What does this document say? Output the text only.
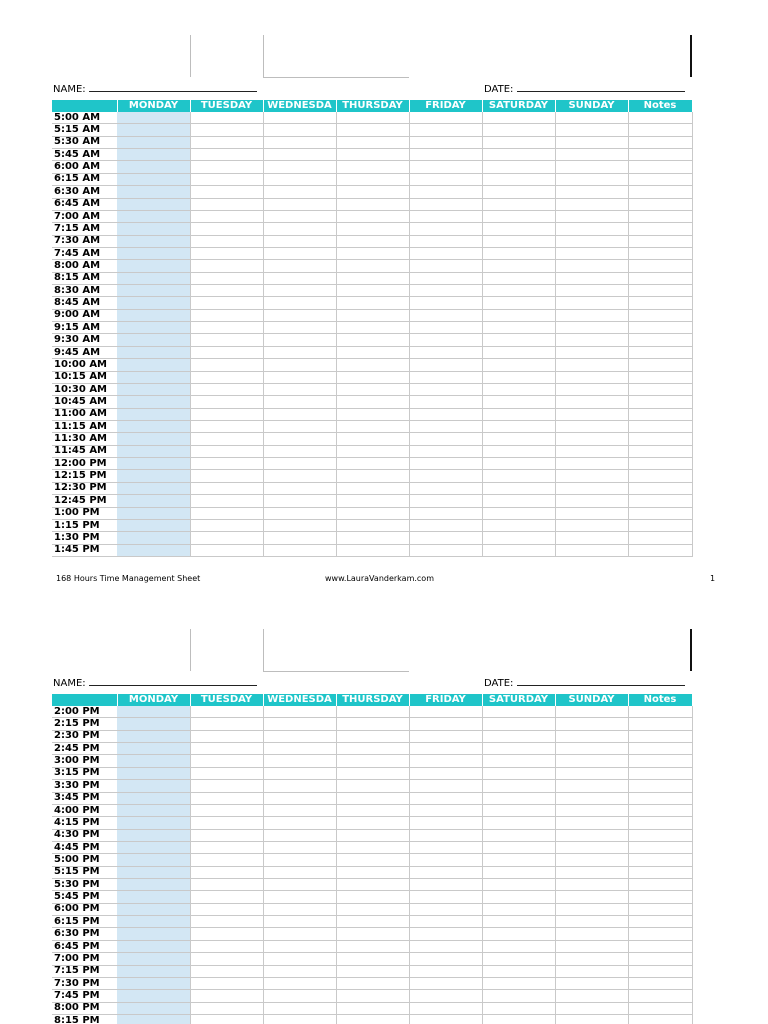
NAME:	DATE:
	MONDAY	TUESDAY	WEDNESDA	THURSDAY	FRIDAY	SATURDAY	SUNDAY	Notes
5:00 AM								
5:15 AM								
5:30 AM								
5:45 AM								
6:00 AM								
6:15 AM								
6:30 AM								
6:45 AM								
7:00 AM								
7:15 AM								
7:30 AM								
7:45 AM								
8:00 AM								
8:15 AM								
8:30 AM								
8:45 AM								
9:00 AM								
9:15 AM								
9:30 AM								
9:45 AM								
10:00 AM								
10:15 AM								
10:30 AM								
10:45 AM								
11:00 AM								
11:15 AM								
11:30 AM								
11:45 AM								
12:00 PM								
12:15 PM								
12:30 PM								
12:45 PM								
1:00 PM								
1:15 PM								
1:30 PM								
1:45 PM								
168 Hours Time Management Sheet	www.LauraVanderkam.com	1
NAME:	DATE:
	MONDAY	TUESDAY	WEDNESDA	THURSDAY	FRIDAY	SATURDAY	SUNDAY	Notes
2:00 PM								
2:15 PM								
2:30 PM								
2:45 PM								
3:00 PM								
3:15 PM								
3:30 PM								
3:45 PM								
4:00 PM								
4:15 PM								
4:30 PM								
4:45 PM								
5:00 PM								
5:15 PM								
5:30 PM								
5:45 PM								
6:00 PM								
6:15 PM								
6:30 PM								
6:45 PM								
7:00 PM								
7:15 PM								
7:30 PM								
7:45 PM								
8:00 PM								
8:15 PM								
